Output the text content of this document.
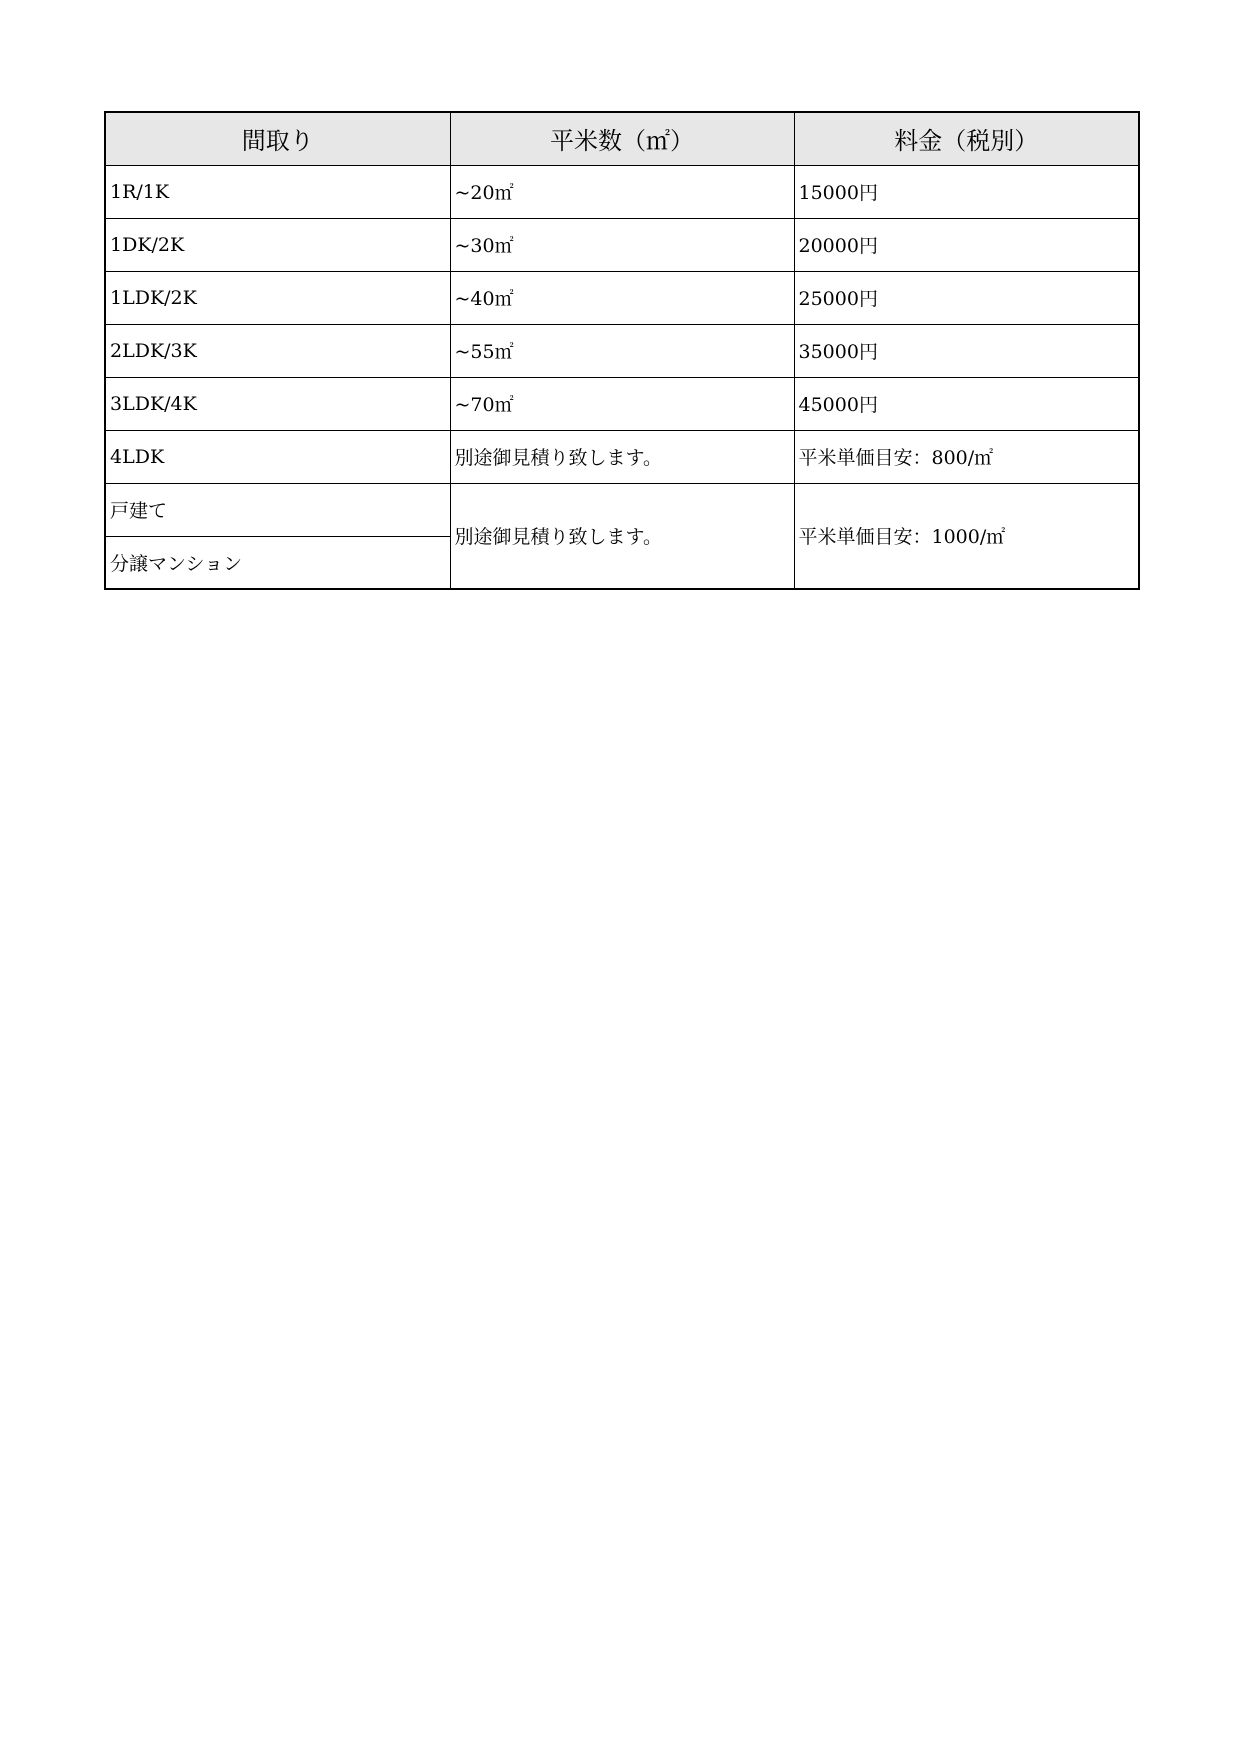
間取り	平米数（㎡）	料金（税別）
1R/1K	~20㎡	15000円
1DK/2K	~30㎡	20000円
1LDK/2K	~40㎡	25000円
2LDK/3K	~55㎡	35000円
3LDK/4K	~70㎡	45000円
4LDK	別途御見積り致します。	平米単価目安：800/㎡
戸建て	別途御見積り致します。	平米単価目安：1000/㎡
分譲マンション		
